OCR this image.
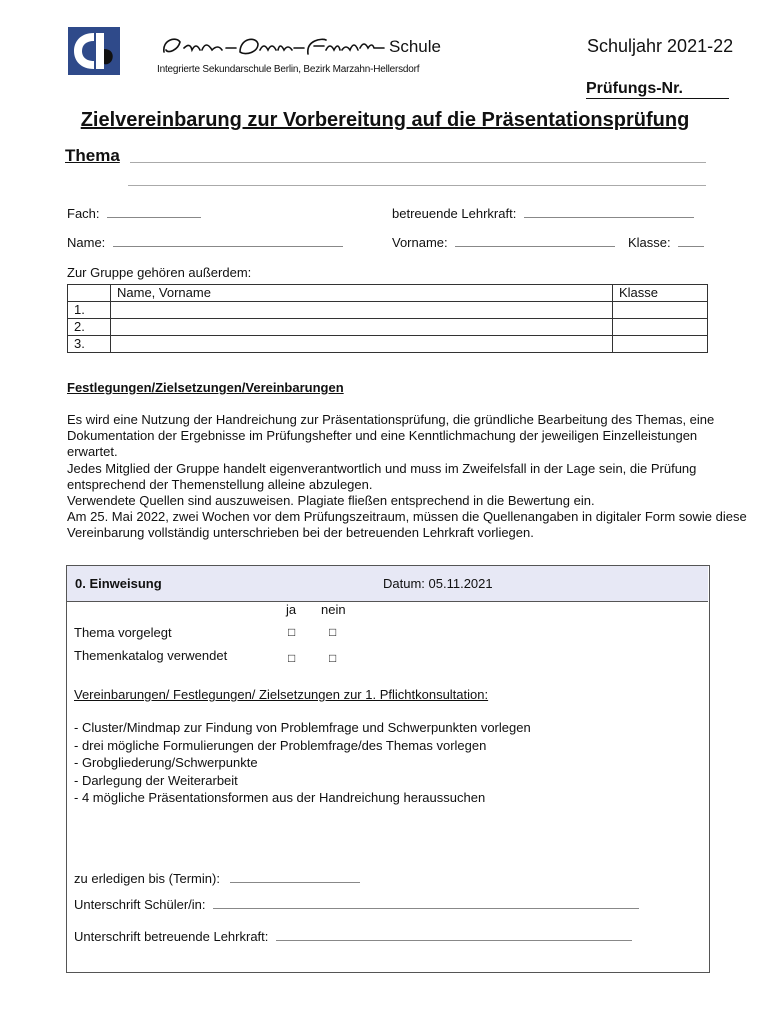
Schule
Integrierte Sekundarschule Berlin, Bezirk Marzahn-Hellersdorf
Schuljahr 2021-22
Prüfungs-Nr.
Zielvereinbarung zur Vorbereitung auf die Präsentationsprüfung
Thema
Fach:	betreuende Lehrkraft:
Name:	Vorname:	Klasse:
Zur Gruppe gehören außerdem:
	Name, Vorname	Klasse
1.		
2.		
3.		
Festlegungen/Zielsetzungen/Vereinbarungen

Es wird eine Nutzung der Handreichung zur Präsentationsprüfung, die gründliche Bearbeitung des Themas, eine Dokumentation der Ergebnisse im Prüfungshefter und eine Kenntlichmachung der jeweiligen Einzelleistungen erwartet.

Jedes Mitglied der Gruppe handelt eigenverantwortlich und muss im Zweifelsfall in der Lage sein, die Prüfung entsprechend der Themenstellung alleine abzulegen.

Verwendete Quellen sind auszuweisen. Plagiate fließen entsprechend in die Bewertung ein.

Am 25. Mai 2022, zwei Wochen vor dem Prüfungszeitraum, müssen die Quellenangaben in digitaler Form sowie diese Vereinbarung vollständig unterschrieben bei der betreuenden Lehrkraft vorliegen.

0. Einweisung	Datum: 05.11.2021
ja nein
Thema vorgelegt	□	□
Themenkatalog verwendet	□	□
Vereinbarungen/ Festlegungen/ Zielsetzungen zur 1. Pflichtkonsultation:
- Cluster/Mindmap zur Findung von Problemfrage und Schwerpunkten vorlegen
- drei mögliche Formulierungen der Problemfrage/des Themas vorlegen
- Grobgliederung/Schwerpunkte
- Darlegung der Weiterarbeit
- 4 mögliche Präsentationsformen aus der Handreichung heraussuchen
zu erledigen bis (Termin):
Unterschrift Schüler/in:
Unterschrift betreuende Lehrkraft:
